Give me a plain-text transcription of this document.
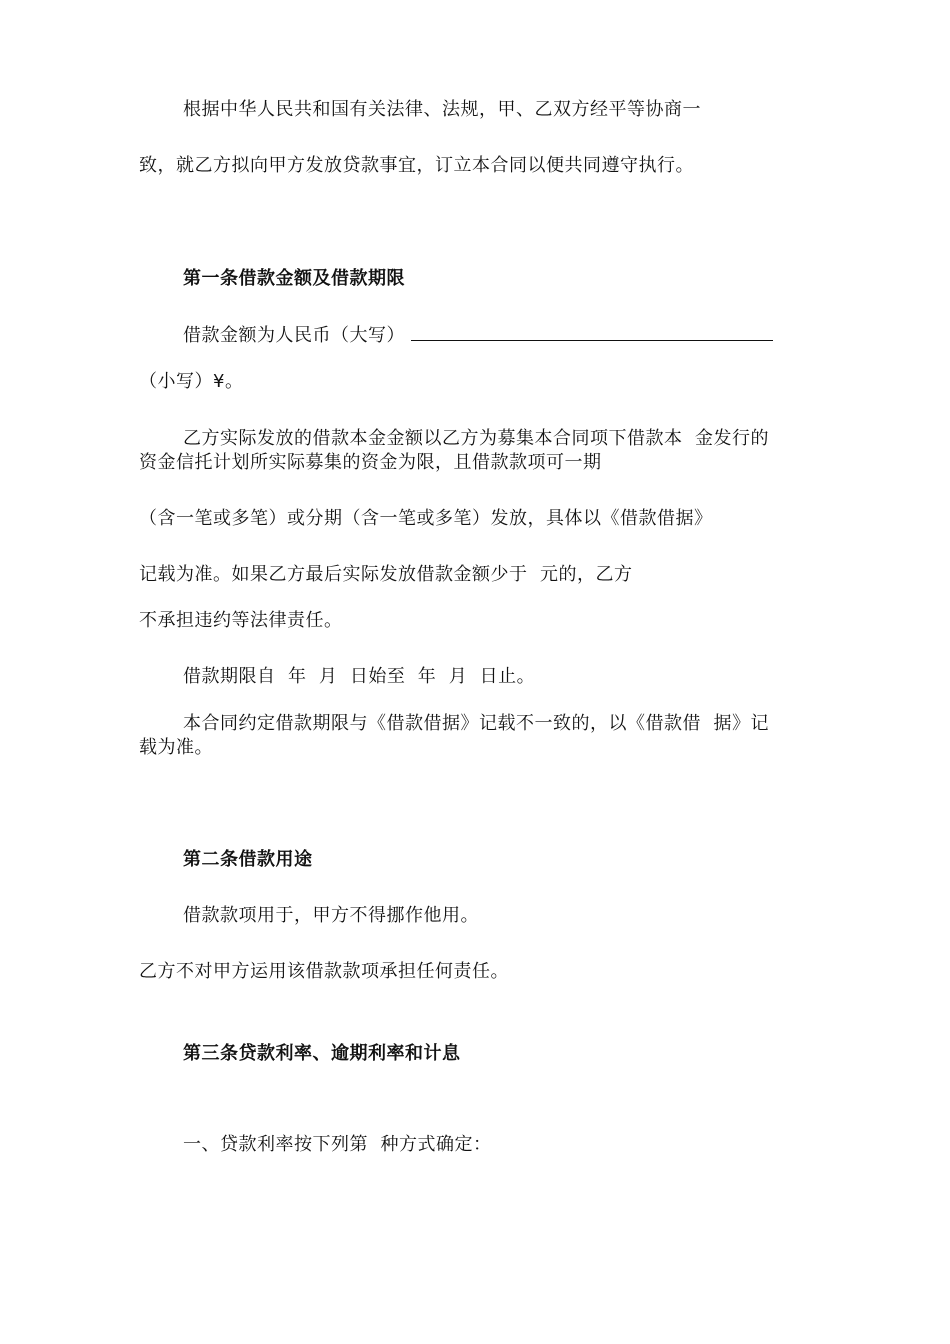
根据中华人民共和国有关法律、法规，甲、乙双方经平等协商一
致，就乙方拟向甲方发放贷款事宜，订立本合同以便共同遵守执行。
第一条借款金额及借款期限
借款金额为人民币（大写）
（小写）¥。
乙方实际发放的借款本金金额以乙方为募集本合同项下借款本  金发行的
资金信托计划所实际募集的资金为限，且借款款项可一期
（含一笔或多笔）或分期（含一笔或多笔）发放，具体以《借款借据》
记载为准。如果乙方最后实际发放借款金额少于  元的，乙方
不承担违约等法律责任。
借款期限自  年  月  日始至  年  月  日止。
本合同约定借款期限与《借款借据》记载不一致的，以《借款借  据》记
载为准。
第二条借款用途
借款款项用于，甲方不得挪作他用。
乙方不对甲方运用该借款款项承担任何责任。
第三条贷款利率、逾期利率和计息
一、贷款利率按下列第  种方式确定：
